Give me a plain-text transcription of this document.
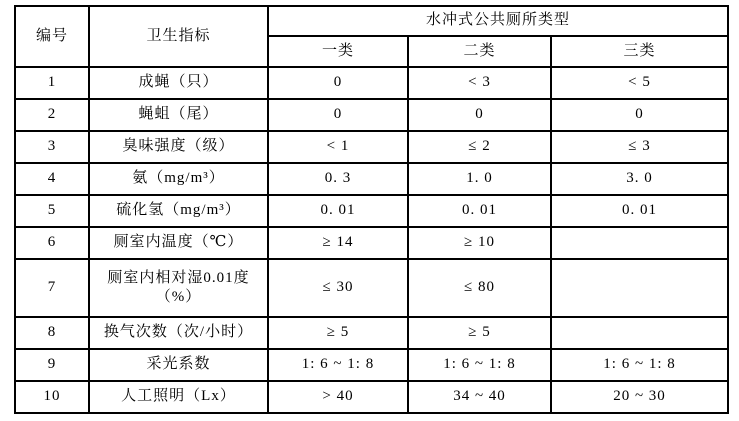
编号	卫生指标	水冲式公共厕所类型		
		一类	二类	三类
1	成蝇（只）	0	< 3	< 5
2	蝇蛆（尾）	0	0	0
3	臭味强度（级）	< 1	≤ 2	≤ 3
4	氨（mg/m³）	0. 3	1. 0	3. 0
5	硫化氢（mg/m³）	0. 01	0. 01	0. 01
6	厕室内温度（℃）	≥ 14	≥ 10	
7	厕室内相对湿0.01度（%）	≤ 30	≤ 80	
8	换气次数（次/小时）	≥ 5	≥ 5	
9	采光系数	1: 6 ~ 1: 8	1: 6 ~ 1: 8	1: 6 ~ 1: 8
10	人工照明（Lx）	> 40	34 ~ 40	20 ~ 30
